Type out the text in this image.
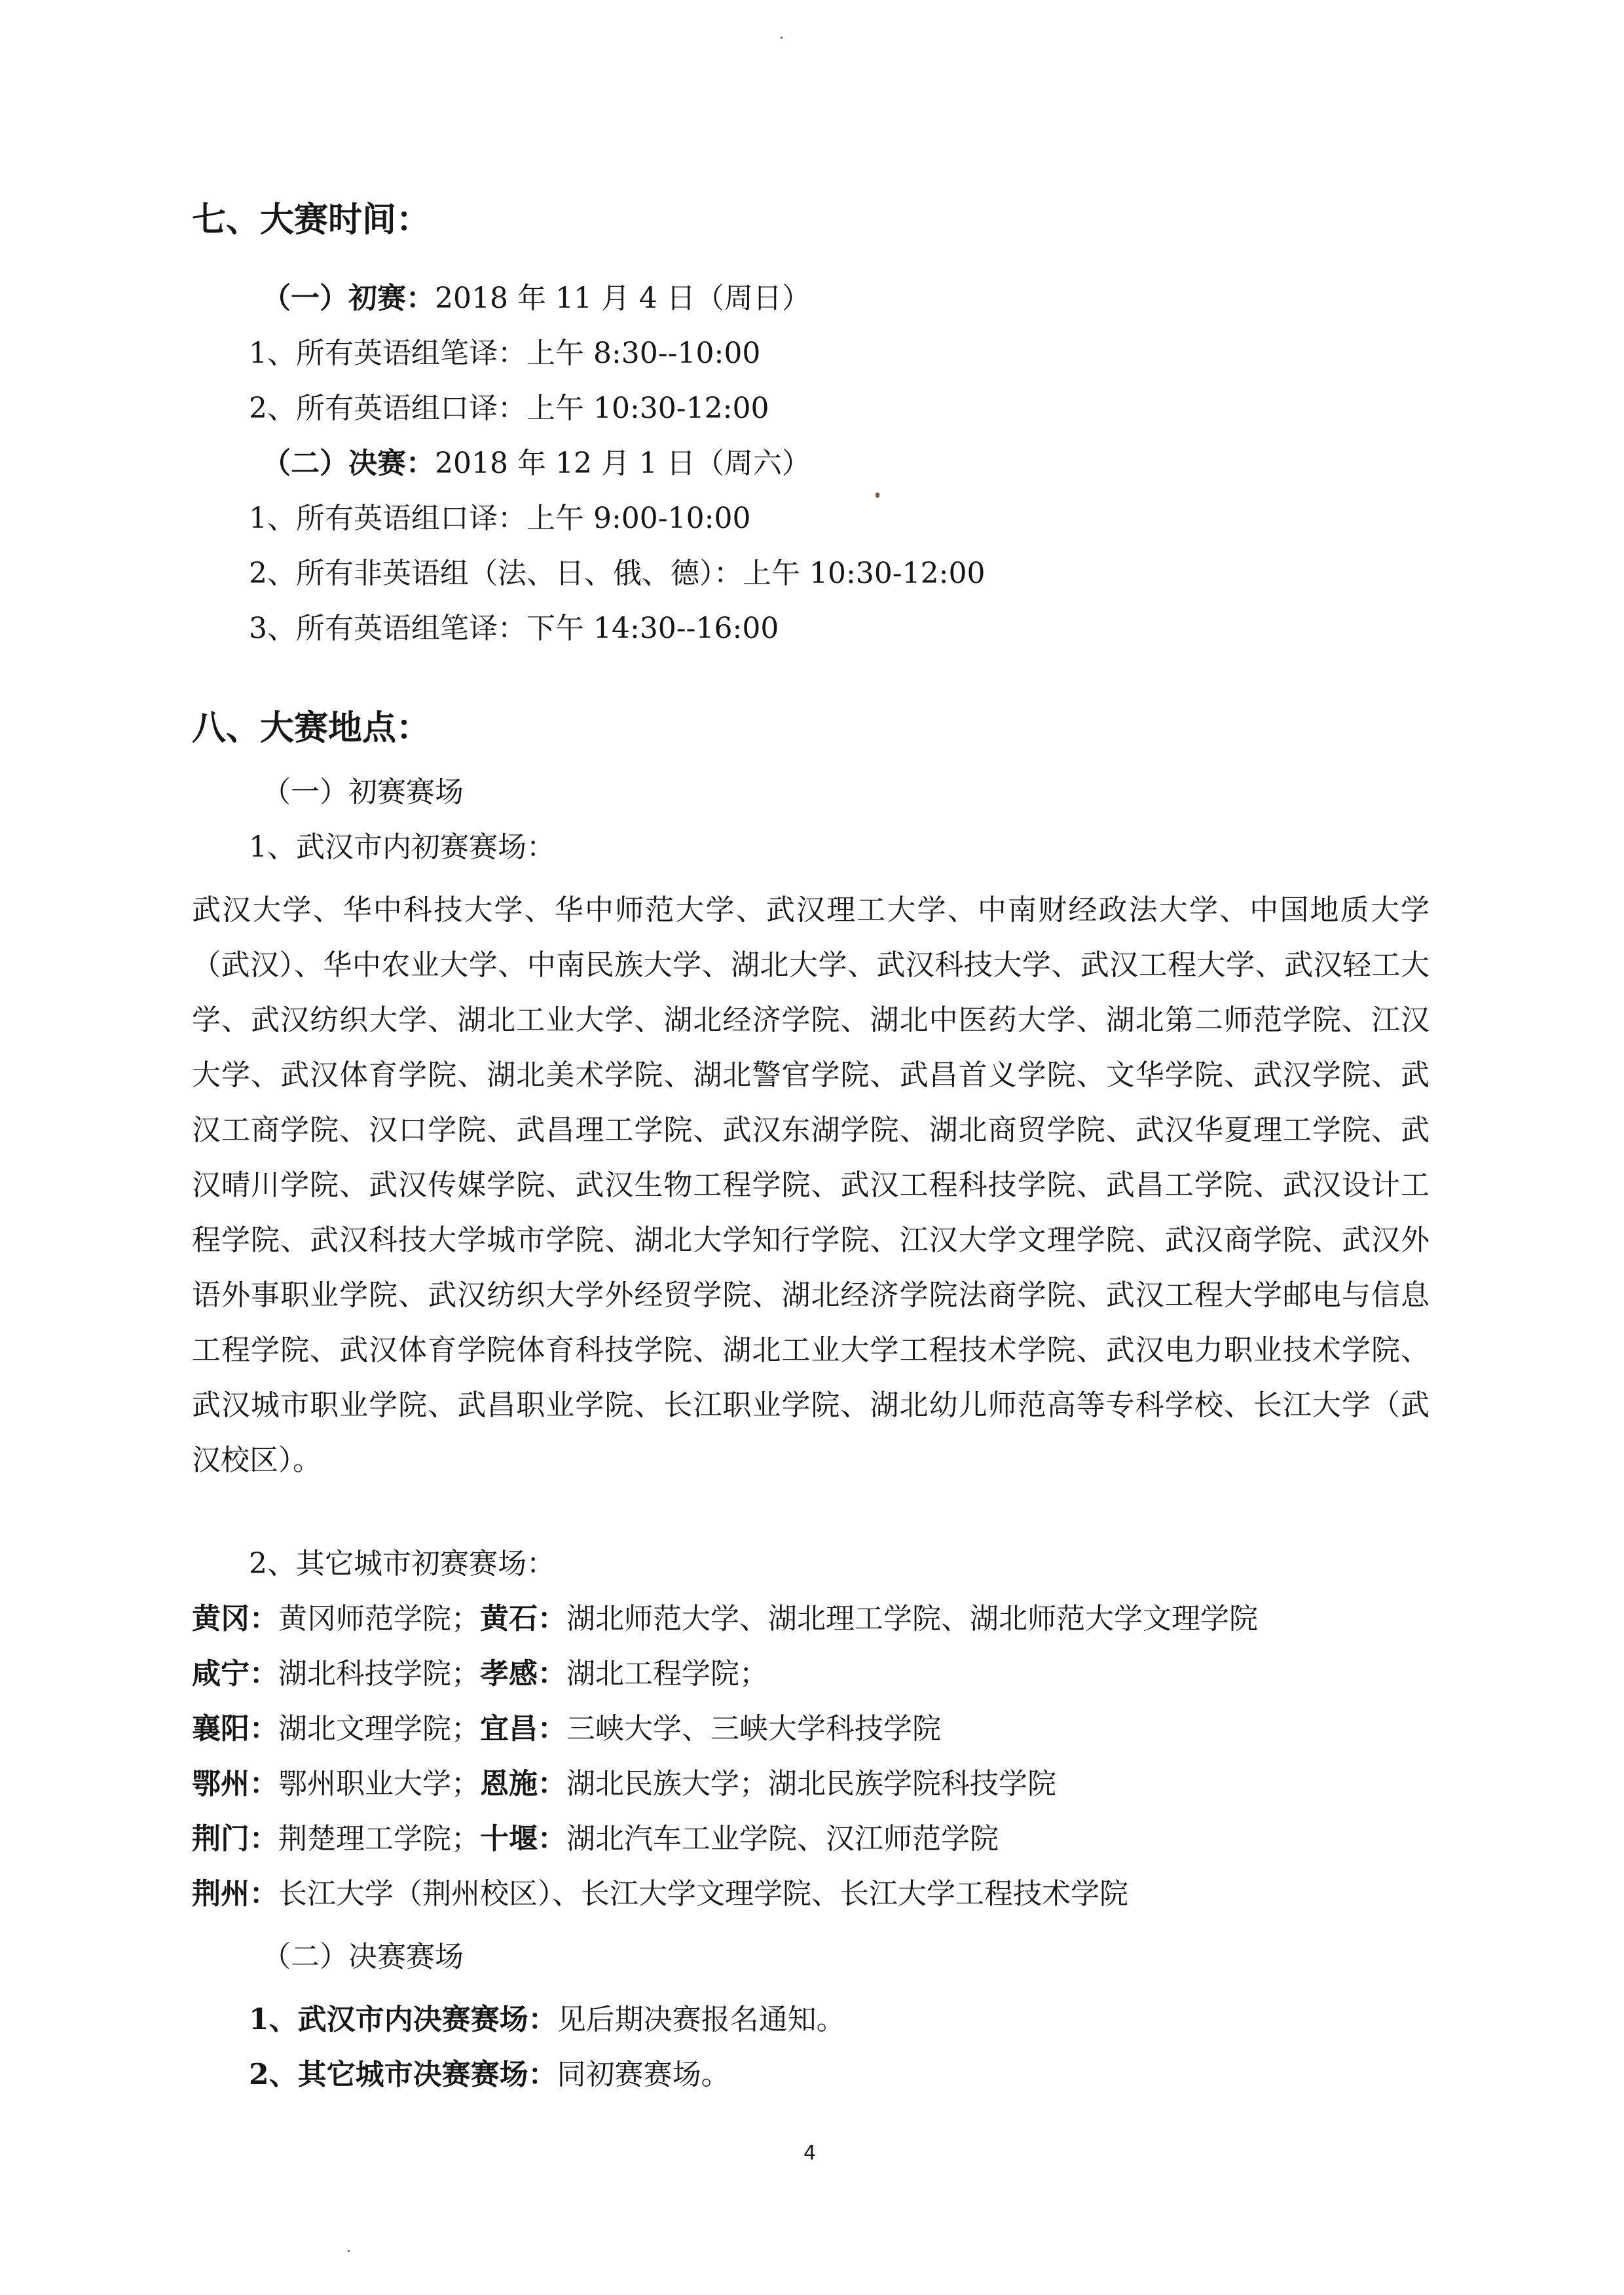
七、大赛时间：
（一）初赛：2018 年 11 月 4 日（周日）
1、所有英语组笔译：上午 8:30--10:00
2、所有英语组口译：上午 10:30-12:00
（二）决赛：2018 年 12 月 1 日（周六）
1、所有英语组口译：上午 9:00-10:00
2、所有非英语组（法、日、俄、德）：上午 10:30-12:00
3、所有英语组笔译：下午 14:30--16:00
八、大赛地点：
（一）初赛赛场
1、武汉市内初赛赛场：
武汉大学、华中科技大学、华中师范大学、武汉理工大学、中南财经政法大学、中国地质大学（武汉）、华中农业大学、中南民族大学、湖北大学、武汉科技大学、武汉工程大学、武汉轻工大学、武汉纺织大学、湖北工业大学、湖北经济学院、湖北中医药大学、湖北第二师范学院、江汉大学、武汉体育学院、湖北美术学院、湖北警官学院、武昌首义学院、文华学院、武汉学院、武汉工商学院、汉口学院、武昌理工学院、武汉东湖学院、湖北商贸学院、武汉华夏理工学院、武汉晴川学院、武汉传媒学院、武汉生物工程学院、武汉工程科技学院、武昌工学院、武汉设计工程学院、武汉科技大学城市学院、湖北大学知行学院、江汉大学文理学院、武汉商学院、武汉外语外事职业学院、武汉纺织大学外经贸学院、湖北经济学院法商学院、武汉工程大学邮电与信息工程学院、武汉体育学院体育科技学院、湖北工业大学工程技术学院、武汉电力职业技术学院、武汉城市职业学院、武昌职业学院、长江职业学院、湖北幼儿师范高等专科学校、长江大学（武汉校区）。
2、其它城市初赛赛场：
黄冈：黄冈师范学院；黄石：湖北师范大学、湖北理工学院、湖北师范大学文理学院
咸宁：湖北科技学院；孝感：湖北工程学院；
襄阳：湖北文理学院；宜昌：三峡大学、三峡大学科技学院
鄂州：鄂州职业大学；恩施：湖北民族大学；湖北民族学院科技学院
荆门：荆楚理工学院；十堰：湖北汽车工业学院、汉江师范学院
荆州：长江大学（荆州校区）、长江大学文理学院、长江大学工程技术学院
（二）决赛赛场
1、武汉市内决赛赛场：见后期决赛报名通知。
2、其它城市决赛赛场：同初赛赛场。
4
